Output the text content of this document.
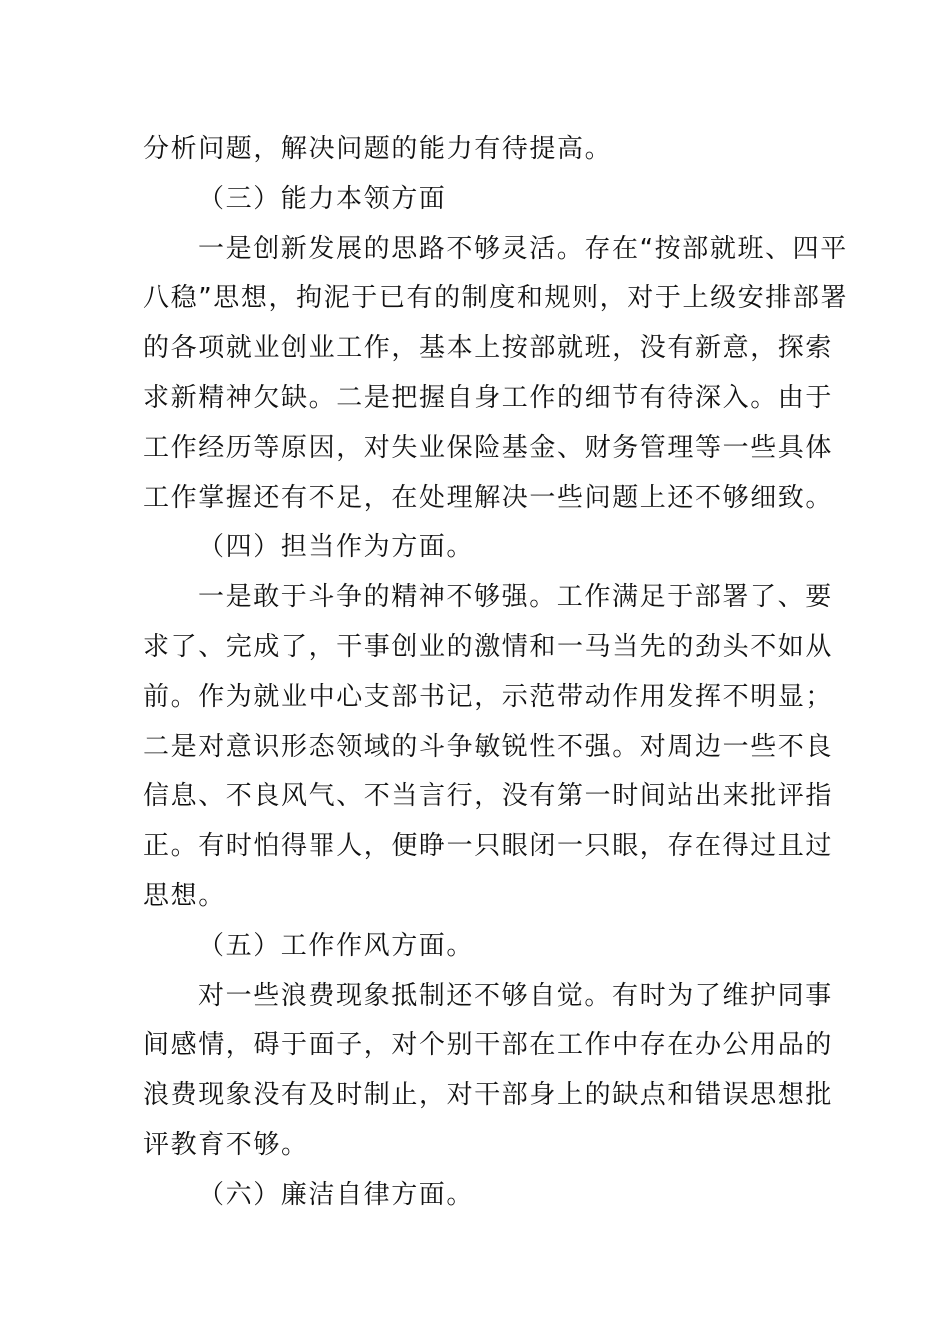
分析问题，解决问题的能力有待提高。
（三）能力本领方面
一是创新发展的思路不够灵活。存在“按部就班、四平
八稳”思想，拘泥于已有的制度和规则，对于上级安排部署
的各项就业创业工作，基本上按部就班，没有新意，探索
求新精神欠缺。二是把握自身工作的细节有待深入。由于
工作经历等原因，对失业保险基金、财务管理等一些具体
工作掌握还有不足，在处理解决一些问题上还不够细致。
（四）担当作为方面。
一是敢于斗争的精神不够强。工作满足于部署了、要
求了、完成了，干事创业的激情和一马当先的劲头不如从
前。作为就业中心支部书记，示范带动作用发挥不明显；
二是对意识形态领域的斗争敏锐性不强。对周边一些不良
信息、不良风气、不当言行，没有第一时间站出来批评指
正。有时怕得罪人，便睁一只眼闭一只眼，存在得过且过
思想。
（五）工作作风方面。
对一些浪费现象抵制还不够自觉。有时为了维护同事
间感情，碍于面子，对个别干部在工作中存在办公用品的
浪费现象没有及时制止，对干部身上的缺点和错误思想批
评教育不够。
（六）廉洁自律方面。
